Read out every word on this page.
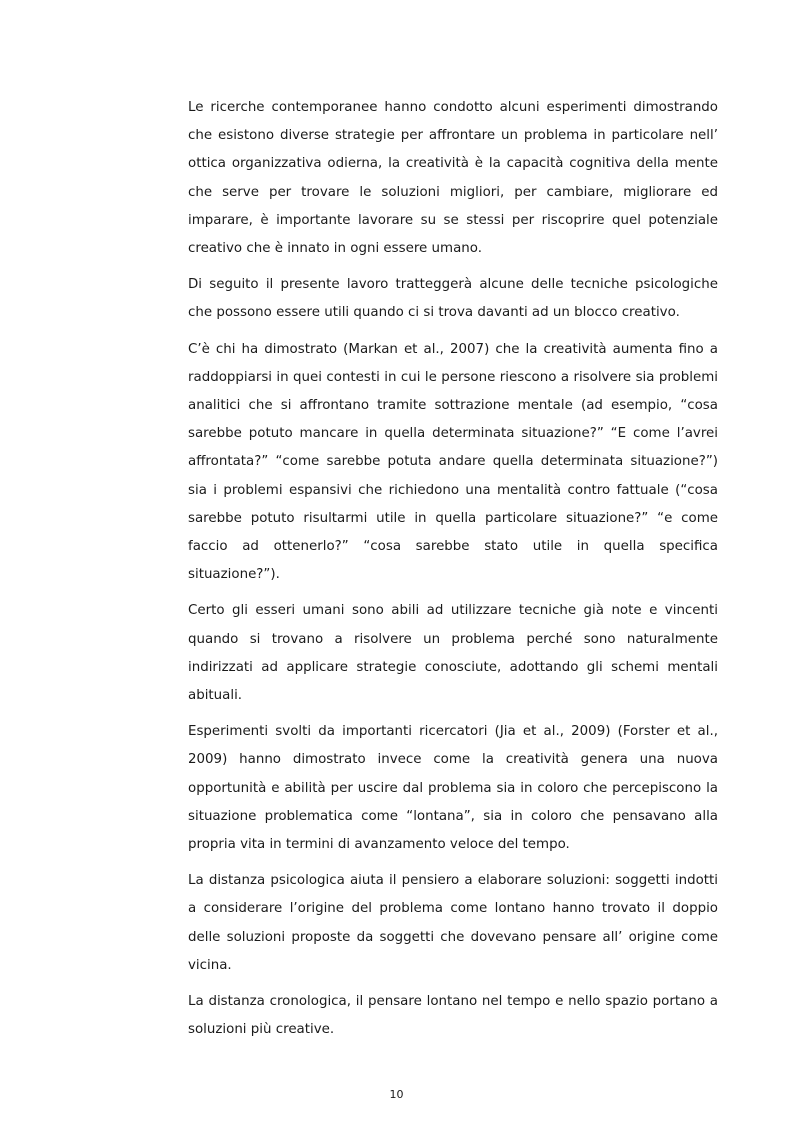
Le ricerche contemporanee hanno condotto alcuni esperimenti dimostrando che esistono diverse strategie per affrontare un problema in particolare nell’ ottica organizzativa odierna, la creatività è la capacità cognitiva della mente che serve per trovare le soluzioni migliori, per cambiare, migliorare ed imparare, è importante lavorare su se stessi per riscoprire quel potenziale creativo che è innato in ogni essere umano.

Di seguito il presente lavoro tratteggerà alcune delle tecniche psicologiche che possono essere utili quando ci si trova davanti ad un blocco creativo.

C’è chi ha dimostrato (Markan et al., 2007) che la creatività aumenta fino a raddoppiarsi in quei contesti in cui le persone riescono a risolvere sia problemi analitici che si affrontano tramite sottrazione mentale (ad esempio, “cosa sarebbe potuto mancare in quella determinata situazione?” “E come l’avrei affrontata?” “come sarebbe potuta andare quella determinata situazione?”) sia i problemi espansivi che richiedono una mentalità contro fattuale (“cosa sarebbe potuto risultarmi utile in quella particolare situazione?” “e come faccio ad ottenerlo?” “cosa sarebbe stato utile in quella specifica situazione?”).

Certo gli esseri umani sono abili ad utilizzare tecniche già note e vincenti quando si trovano a risolvere un problema perché sono naturalmente indirizzati ad applicare strategie conosciute, adottando gli schemi mentali abituali.

Esperimenti svolti da importanti ricercatori (Jia et al., 2009) (Forster et al., 2009) hanno dimostrato invece come la creatività genera una nuova opportunità e abilità per uscire dal problema sia in coloro che percepiscono la situazione problematica come “lontana”, sia in coloro che pensavano alla propria vita in termini di avanzamento veloce del tempo.

La distanza psicologica aiuta il pensiero a elaborare soluzioni: soggetti indotti a considerare l’origine del problema come lontano hanno trovato il doppio delle soluzioni proposte da soggetti che dovevano pensare all’ origine come vicina.

La distanza cronologica, il pensare lontano nel tempo e nello spazio portano a soluzioni più creative.

10
